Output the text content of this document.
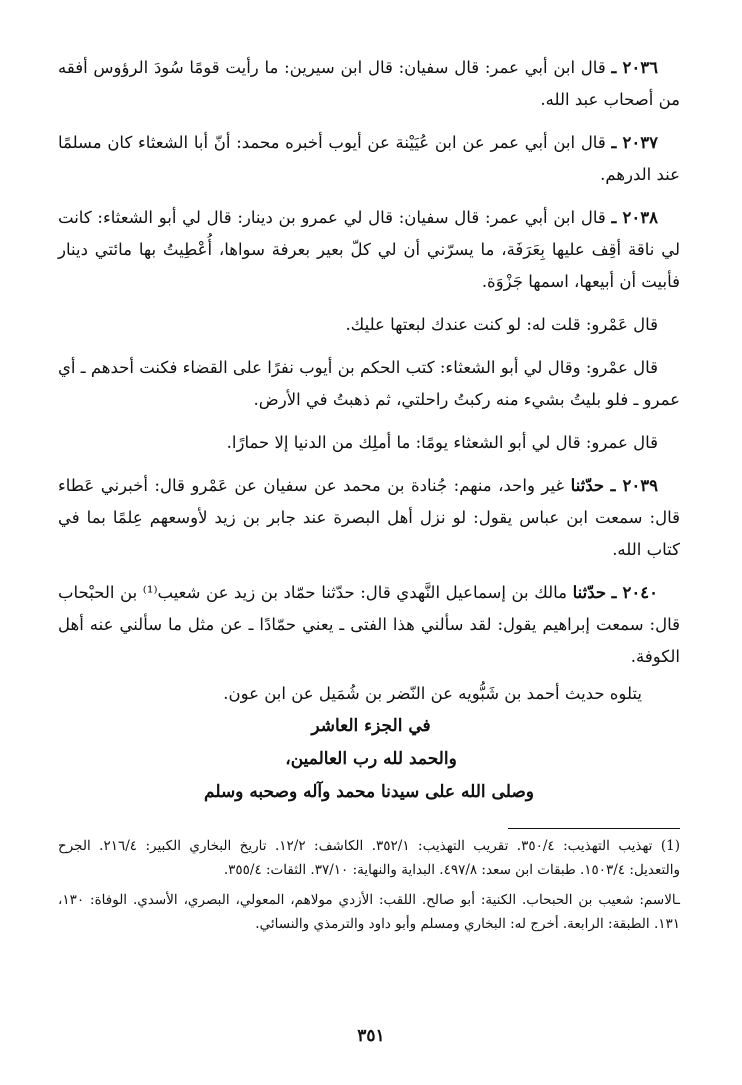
٢٠٣٦ ـ قال ابن أبي عمر: قال سفيان: قال ابن سيرين: ما رأيت قومًا سُودَ الرؤوس أفقه من أصحاب عبد الله.

٢٠٣٧ ـ قال ابن أبي عمر عن ابن عُيَيْنة عن أيوب أخبره محمد: أنّ أبا الشعثاء كان مسلمًا عند الدرهم.

٢٠٣٨ ـ قال ابن أبي عمر: قال سفيان: قال لي عمرو بن دينار: قال لي أبو الشعثاء: كانت لي ناقة أقِف عليها بِعَرَفَة، ما يسرّني أن لي كلّ بعير بعرفة سواها، أُعْطِيتُ بها مائتي دينار فأبيت أن أبيعها، اسمها جَزْوَة.

قال عَمْرو: قلت له: لو كنت عندك لبعتها عليك.

قال عمْرو: وقال لي أبو الشعثاء: كتب الحكم بن أيوب نفرًا على القضاء فكنت أحدهم ـ أي عمرو ـ فلو بليتُ بشيء منه ركبتُ راحلتي، ثم ذهبتُ في الأرض.

قال عمرو: قال لي أبو الشعثاء يومًا: ما أملِك من الدنيا إلا حمارًا.

٢٠٣٩ ـ حدّثنا غير واحد، منهم: جُنادة بن محمد عن سفيان عن عَمْرو قال: أخبرني عَطاء قال: سمعت ابن عباس يقول: لو نزل أهل البصرة عند جابر بن زيد لأوسعهم عِلمًا بما في كتاب الله.

٢٠٤٠ ـ حدّثنا مالك بن إسماعيل النَّهدي قال: حدّثنا حمّاد بن زيد عن شعيب⁽¹⁾ بن الحبْحاب قال: سمعت إبراهيم يقول: لقد سألني هذا الفتى ـ يعني حمّادًا ـ عن مثل ما سألني عنه أهل الكوفة.

يتلوه حديث أحمد بن شَبُّويه عن النّضر بن شُمَيل عن ابن عون.

في الجزء العاشر
والحمد لله رب العالمين،
وصلى الله على سيدنا محمد وآله وصحبه وسلم

(1) تهذيب التهذيب: ٣٥٠/٤. تقريب التهذيب: ٣٥٢/١. الكاشف: ١٢/٢. تاريخ البخاري الكبير: ٢١٦/٤. الجرح والتعديل: ١٥٠٣/٤. طبقات ابن سعد: ٤٩٧/٨. البداية والنهاية: ٣٧/١٠. الثقات: ٣٥٥/٤.

ـالاسم: شعيب بن الحبحاب. الكنية: أبو صالح. اللقب: الأزدي مولاهم، المعولي، البصري، الأسدي. الوفاة: ١٣٠، ١٣١. الطبقة: الرابعة. أخرج له: البخاري ومسلم وأبو داود والترمذي والنسائي.

٣٥١
